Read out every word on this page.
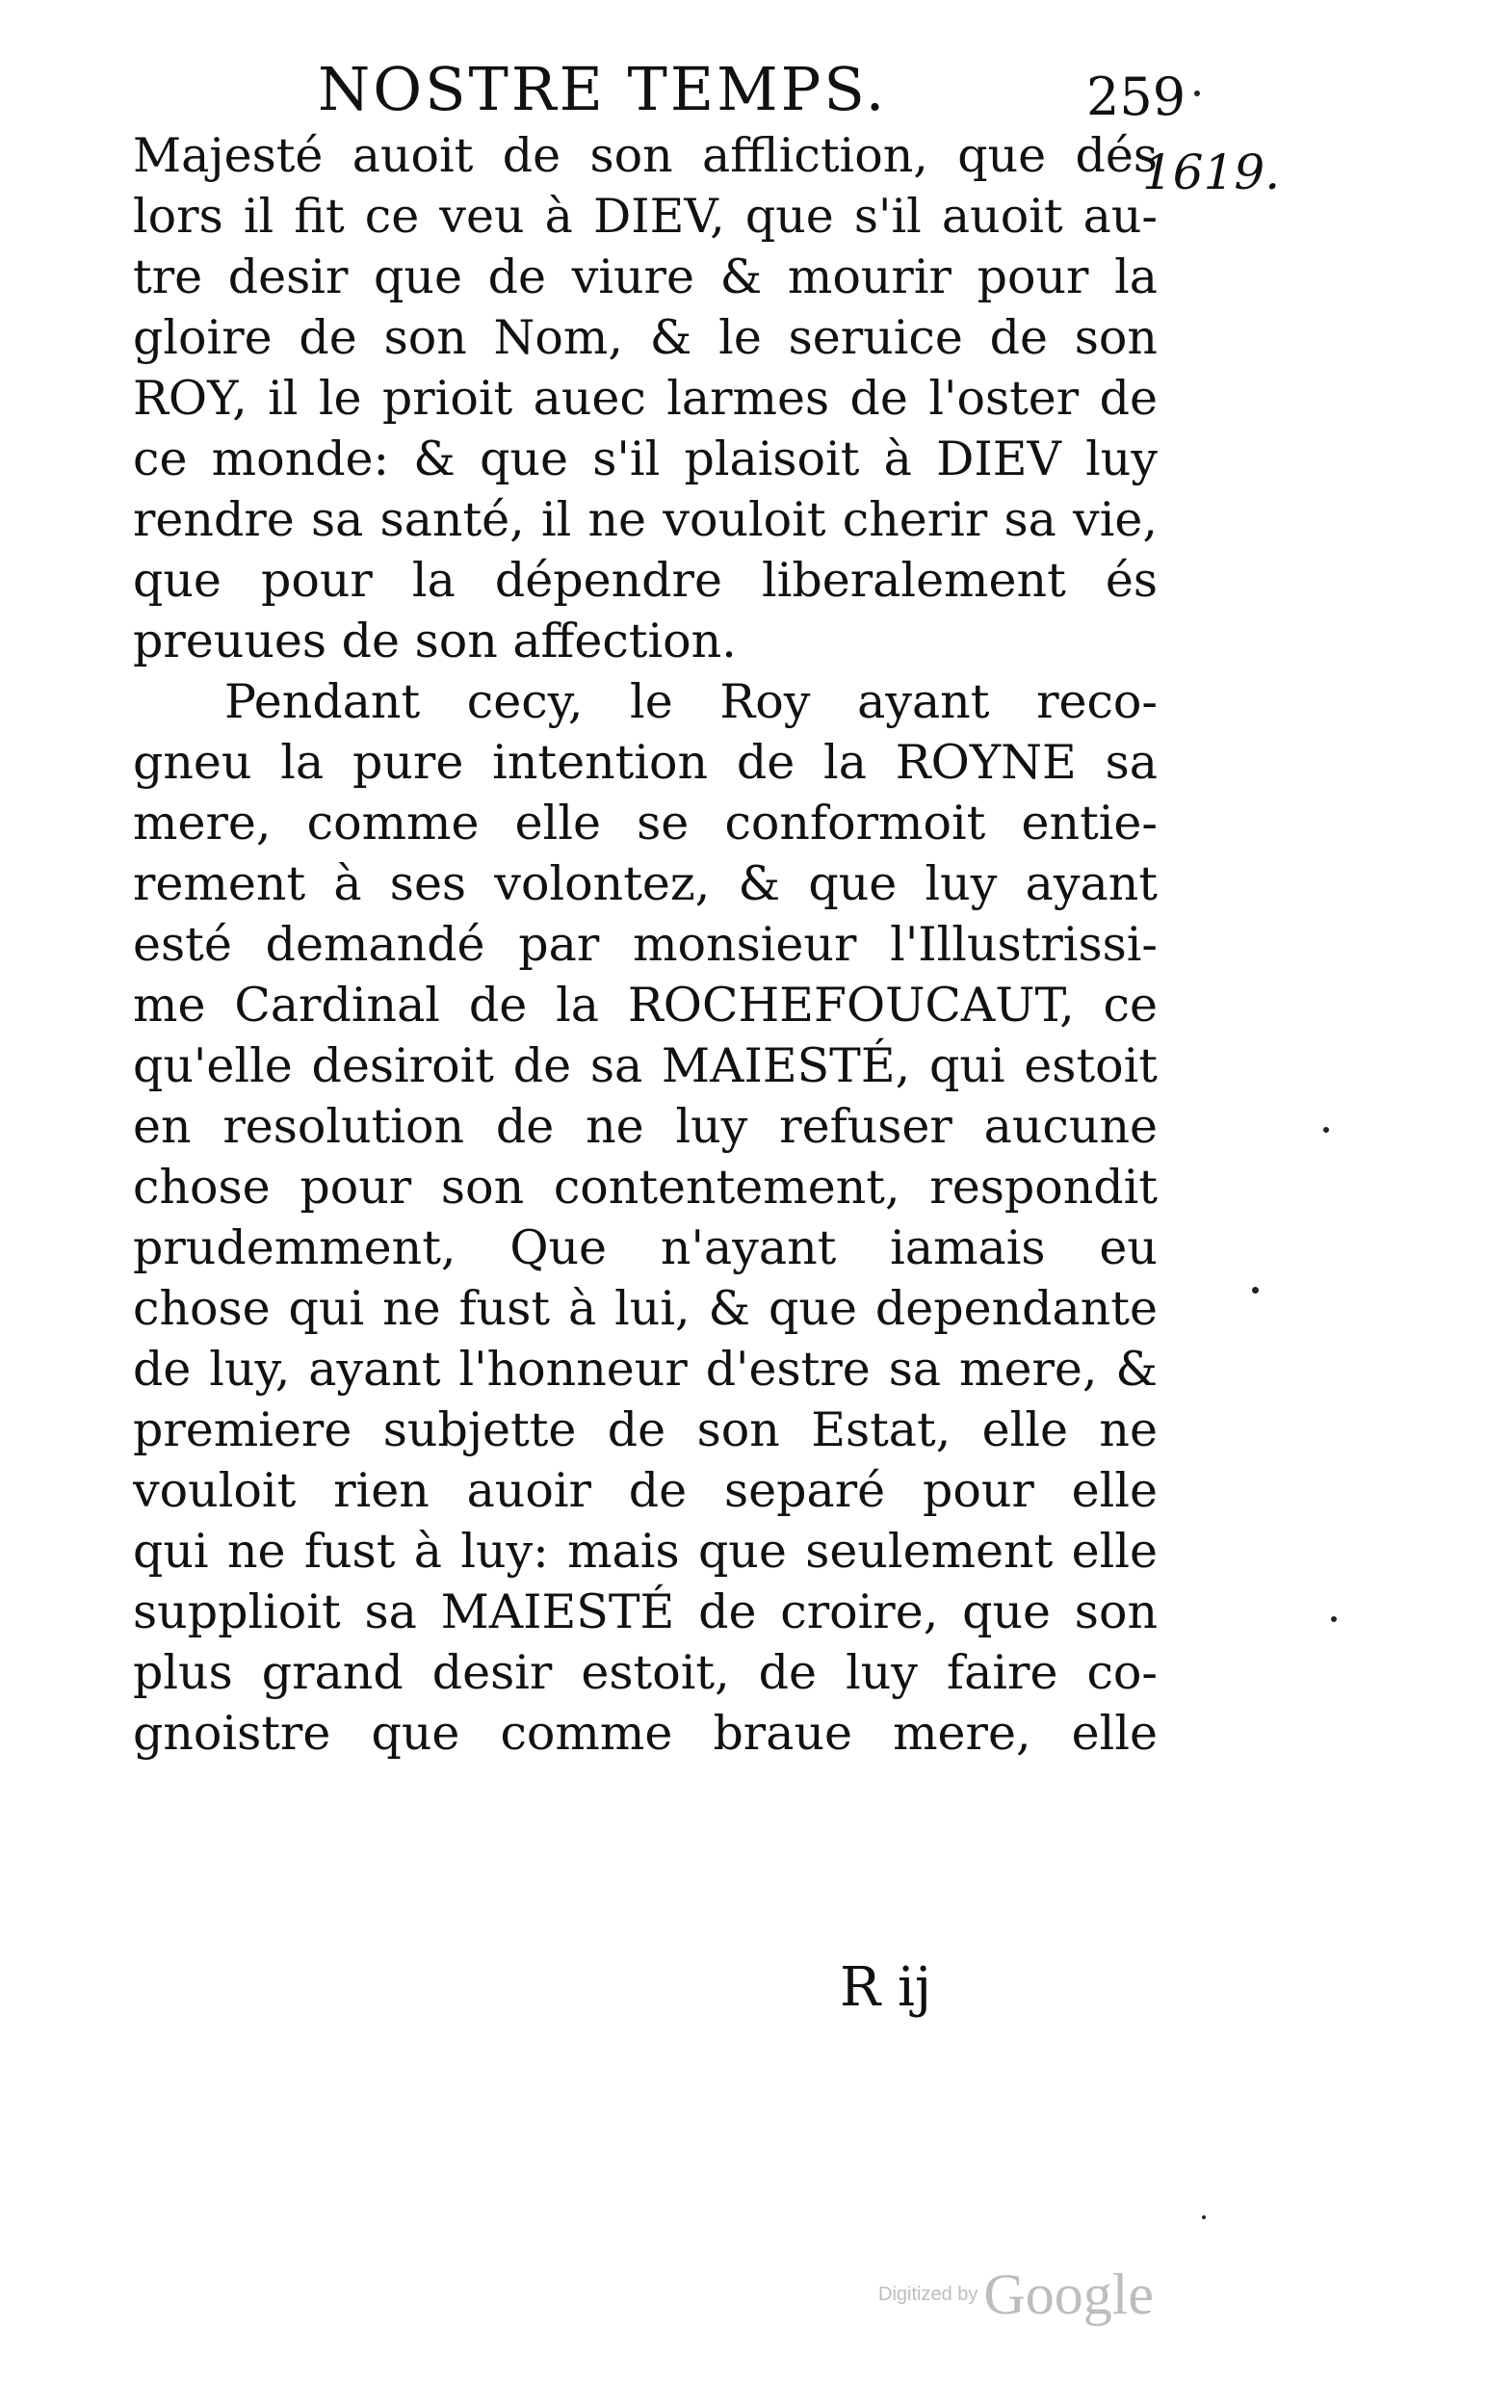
NOSTRE TEMPS.	259
1619.
Majesté auoit de son affliction, que dés
lors il fit ce veu à DIEV, que s'il auoit au-
tre desir que de viure & mourir pour la
gloire de son Nom, & le seruice de son
ROY, il le prioit auec larmes de l'oster de
ce monde: & que s'il plaisoit à DIEV luy
rendre sa santé, il ne vouloit cherir sa vie,
que pour la dépendre liberalement és
preuues de son affection.
Pendant cecy, le Roy ayant reco-
gneu la pure intention de la ROYNE sa
mere, comme elle se conformoit entie-
rement à ses volontez, & que luy ayant
esté demandé par monsieur l'Illustrissi-
me Cardinal de la ROCHEFOUCAUT, ce
qu'elle desiroit de sa MAIESTÉ, qui estoit
en resolution de ne luy refuser aucune
chose pour son contentement, respondit
prudemment, Que n'ayant iamais eu
chose qui ne fust à lui, & que dependante
de luy, ayant l'honneur d'estre sa mere, &
premiere subjette de son Estat, elle ne
vouloit rien auoir de separé pour elle
qui ne fust à luy: mais que seulement elle
supplioit sa MAIESTÉ de croire, que son
plus grand desir estoit, de luy faire co-
gnoistre que comme braue mere, elle
R ij
Digitized by Google
